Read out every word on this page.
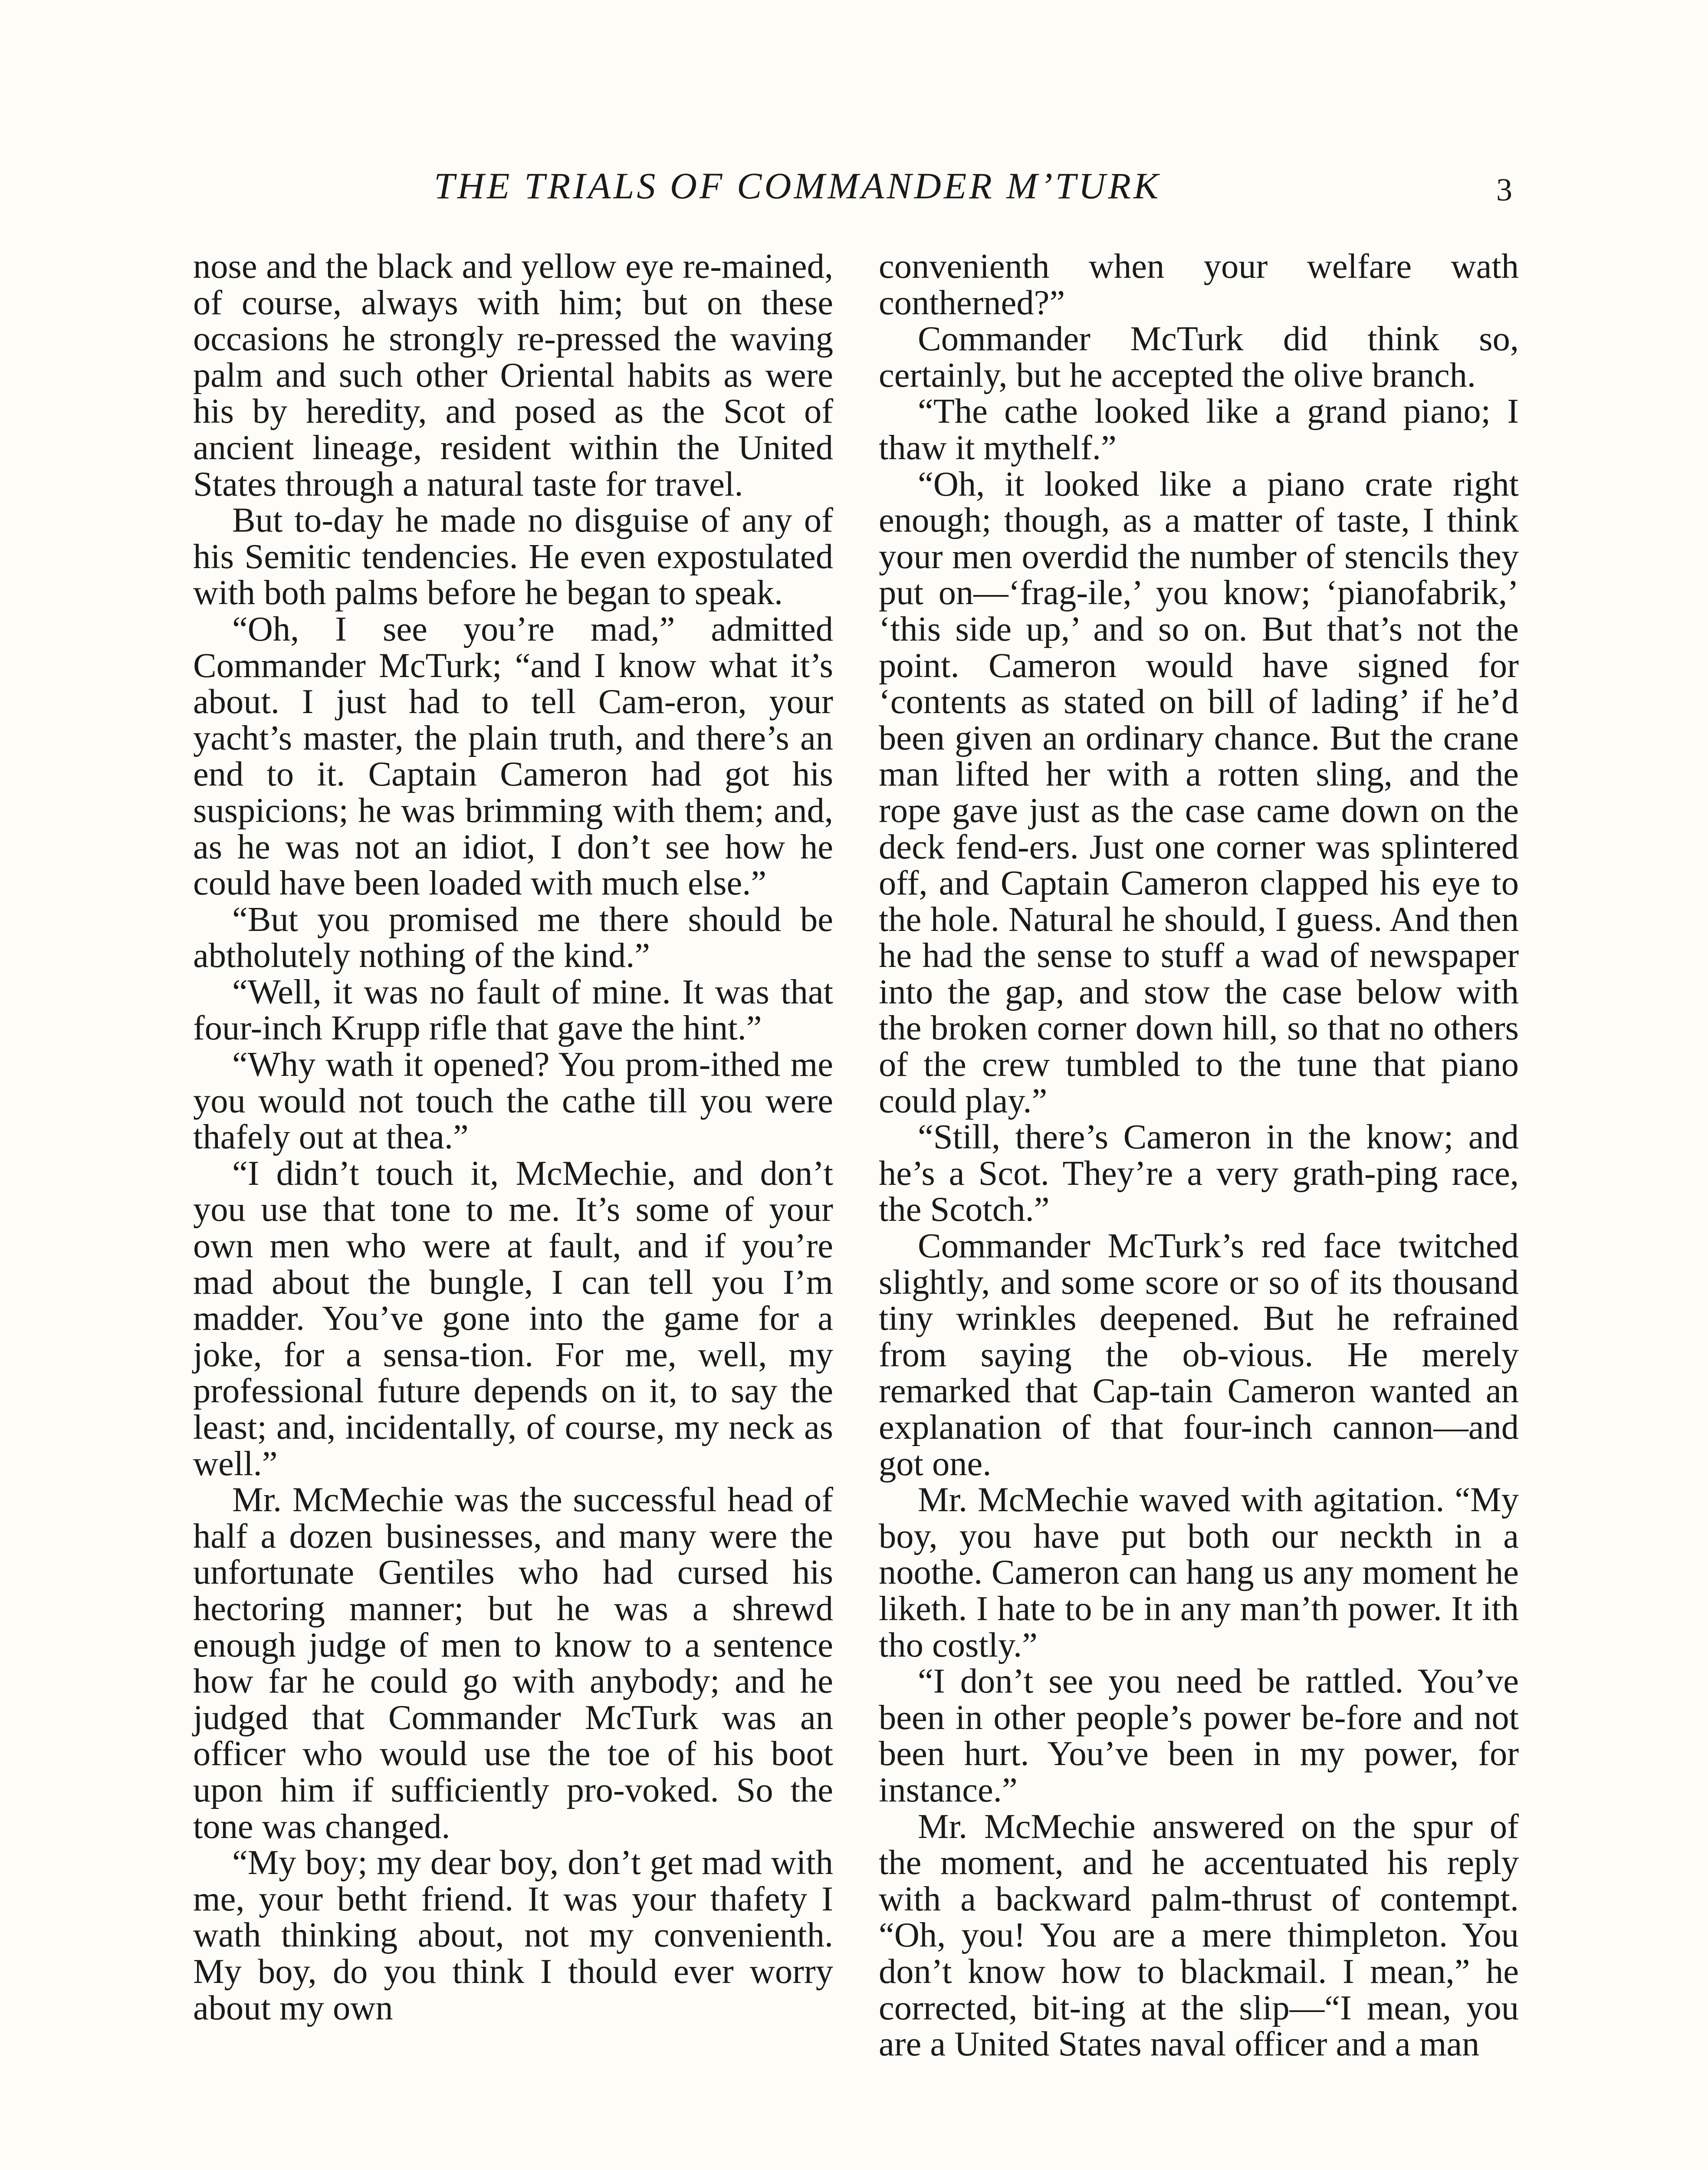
THE TRIALS OF COMMANDER M’TURK	3

nose and the black and yellow eye re-mained, of course, always with him; but on these occasions he strongly re-pressed the waving palm and such other Oriental habits as were his by heredity, and posed as the Scot of ancient lineage, resident within the United States through a natural taste for travel.

But to-day he made no disguise of any of his Semitic tendencies. He even expostulated with both palms before he began to speak.

“Oh, I see you’re mad,” admitted Commander McTurk; “and I know what it’s about. I just had to tell Cam-eron, your yacht’s master, the plain truth, and there’s an end to it. Captain Cameron had got his suspicions; he was brimming with them; and, as he was not an idiot, I don’t see how he could have been loaded with much else.”

“But you promised me there should be abtholutely nothing of the kind.”

“Well, it was no fault of mine. It was that four-inch Krupp rifle that gave the hint.”

“Why wath it opened? You prom-ithed me you would not touch the cathe till you were thafely out at thea.”

“I didn’t touch it, McMechie, and don’t you use that tone to me. It’s some of your own men who were at fault, and if you’re mad about the bungle, I can tell you I’m madder. You’ve gone into the game for a joke, for a sensa-tion. For me, well, my professional future depends on it, to say the least; and, incidentally, of course, my neck as well.”

Mr. McMechie was the successful head of half a dozen businesses, and many were the unfortunate Gentiles who had cursed his hectoring manner; but he was a shrewd enough judge of men to know to a sentence how far he could go with anybody; and he judged that Commander McTurk was an officer who would use the toe of his boot upon him if sufficiently pro-voked. So the tone was changed.

“My boy; my dear boy, don’t get mad with me, your betht friend. It was your thafety I wath thinking about, not my convenienth. My boy, do you think I thould ever worry about my own

convenienth when your welfare wath contherned?”

Commander McTurk did think so, certainly, but he accepted the olive branch.

“The cathe looked like a grand piano; I thaw it mythelf.”

“Oh, it looked like a piano crate right enough; though, as a matter of taste, I think your men overdid the number of stencils they put on—‘frag-ile,’ you know; ‘pianofabrik,’ ‘this side up,’ and so on. But that’s not the point. Cameron would have signed for ‘contents as stated on bill of lading’ if he’d been given an ordinary chance. But the crane man lifted her with a rotten sling, and the rope gave just as the case came down on the deck fend-ers. Just one corner was splintered off, and Captain Cameron clapped his eye to the hole. Natural he should, I guess. And then he had the sense to stuff a wad of newspaper into the gap, and stow the case below with the broken corner down hill, so that no others of the crew tumbled to the tune that piano could play.”

“Still, there’s Cameron in the know; and he’s a Scot. They’re a very grath-ping race, the Scotch.”

Commander McTurk’s red face twitched slightly, and some score or so of its thousand tiny wrinkles deepened. But he refrained from saying the ob-vious. He merely remarked that Cap-tain Cameron wanted an explanation of that four-inch cannon—and got one.

Mr. McMechie waved with agitation. “My boy, you have put both our neckth in a noothe. Cameron can hang us any moment he liketh. I hate to be in any man’th power. It ith tho costly.”

“I don’t see you need be rattled. You’ve been in other people’s power be-fore and not been hurt. You’ve been in my power, for instance.”

Mr. McMechie answered on the spur of the moment, and he accentuated his reply with a backward palm-thrust of contempt. “Oh, you! You are a mere thimpleton. You don’t know how to blackmail. I mean,” he corrected, bit-ing at the slip—“I mean, you are a United States naval officer and a man
